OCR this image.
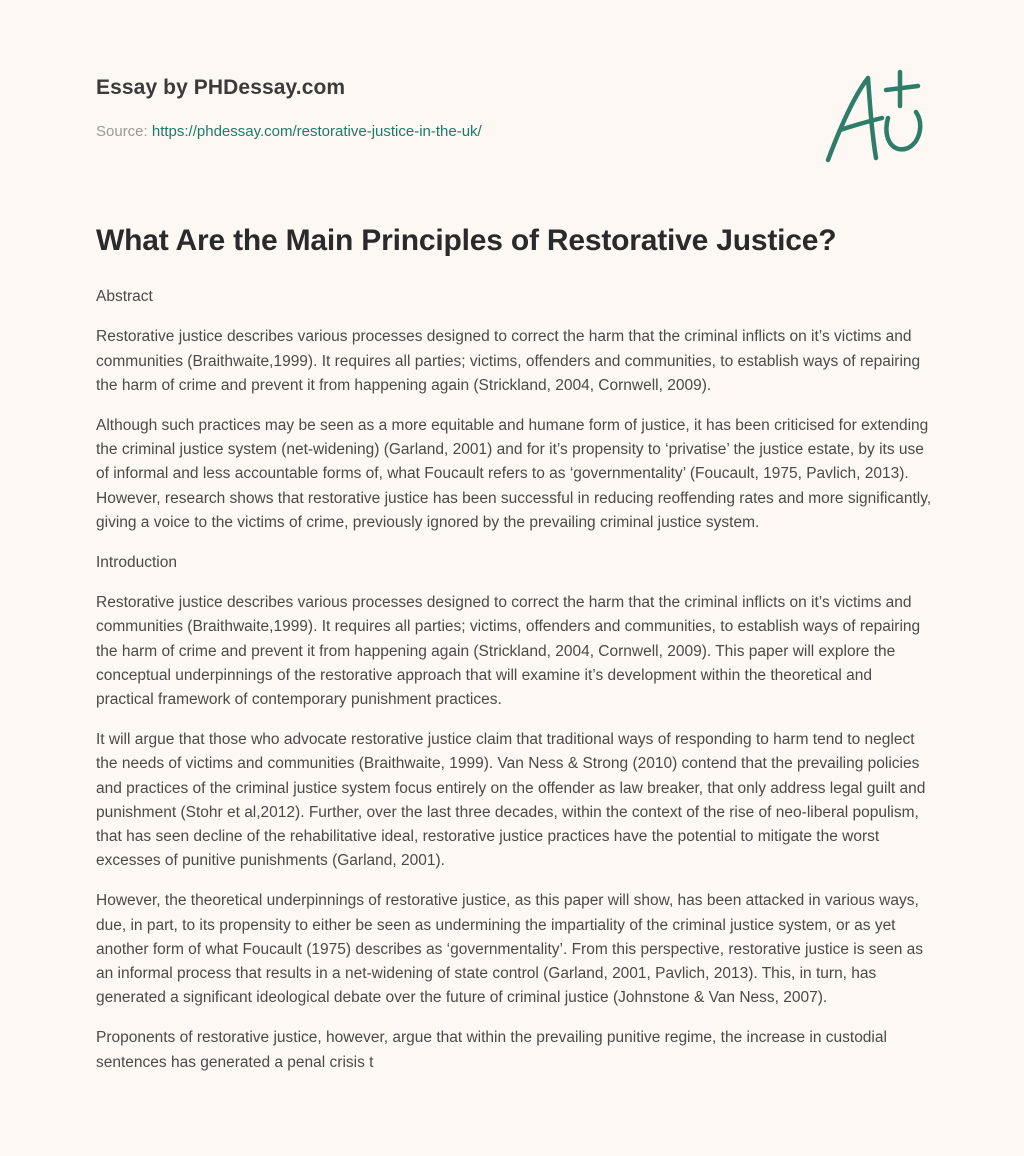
Essay by PHDessay.com
Source: https://phdessay.com/restorative-justice-in-the-uk/
What Are the Main Principles of Restorative Justice?

Abstract

Restorative justice describes various processes designed to correct the harm that the criminal inflicts on it’s victims and communities (Braithwaite,1999). It requires all parties; victims, offenders and communities, to establish ways of repairing the harm of crime and prevent it from happening again (Strickland, 2004, Cornwell, 2009).

Although such practices may be seen as a more equitable and humane form of justice, it has been criticised for extending the criminal justice system (net-widening) (Garland, 2001) and for it’s propensity to ‘privatise’ the justice estate, by its use of informal and less accountable forms of, what Foucault refers to as ‘governmentality’ (Foucault, 1975, Pavlich, 2013). However, research shows that restorative justice has been successful in reducing reoffending rates and more significantly, giving a voice to the victims of crime, previously ignored by the prevailing criminal justice system.

Introduction

Restorative justice describes various processes designed to correct the harm that the criminal inflicts on it’s victims and communities (Braithwaite,1999). It requires all parties; victims, offenders and communities, to establish ways of repairing the harm of crime and prevent it from happening again (Strickland, 2004, Cornwell, 2009). This paper will explore the conceptual underpinnings of the restorative approach that will examine it’s development within the theoretical and practical framework of contemporary punishment practices.

It will argue that those who advocate restorative justice claim that traditional ways of responding to harm tend to neglect the needs of victims and communities (Braithwaite, 1999). Van Ness & Strong (2010) contend that the prevailing policies and practices of the criminal justice system focus entirely on the offender as law breaker, that only address legal guilt and punishment (Stohr et al,2012). Further, over the last three decades, within the context of the rise of neo-liberal populism, that has seen decline of the rehabilitative ideal, restorative justice practices have the potential to mitigate the worst excesses of punitive punishments (Garland, 2001).

However, the theoretical underpinnings of restorative justice, as this paper will show, has been attacked in various ways, due, in part, to its propensity to either be seen as undermining the impartiality of the criminal justice system, or as yet another form of what Foucault (1975) describes as ‘governmentality’. From this perspective, restorative justice is seen as an informal process that results in a net-widening of state control (Garland, 2001, Pavlich, 2013). This, in turn, has generated a significant ideological debate over the future of criminal justice (Johnstone & Van Ness, 2007).

Proponents of restorative justice, however, argue that within the prevailing punitive regime, the increase in custodial sentences has generated a penal crisis t
